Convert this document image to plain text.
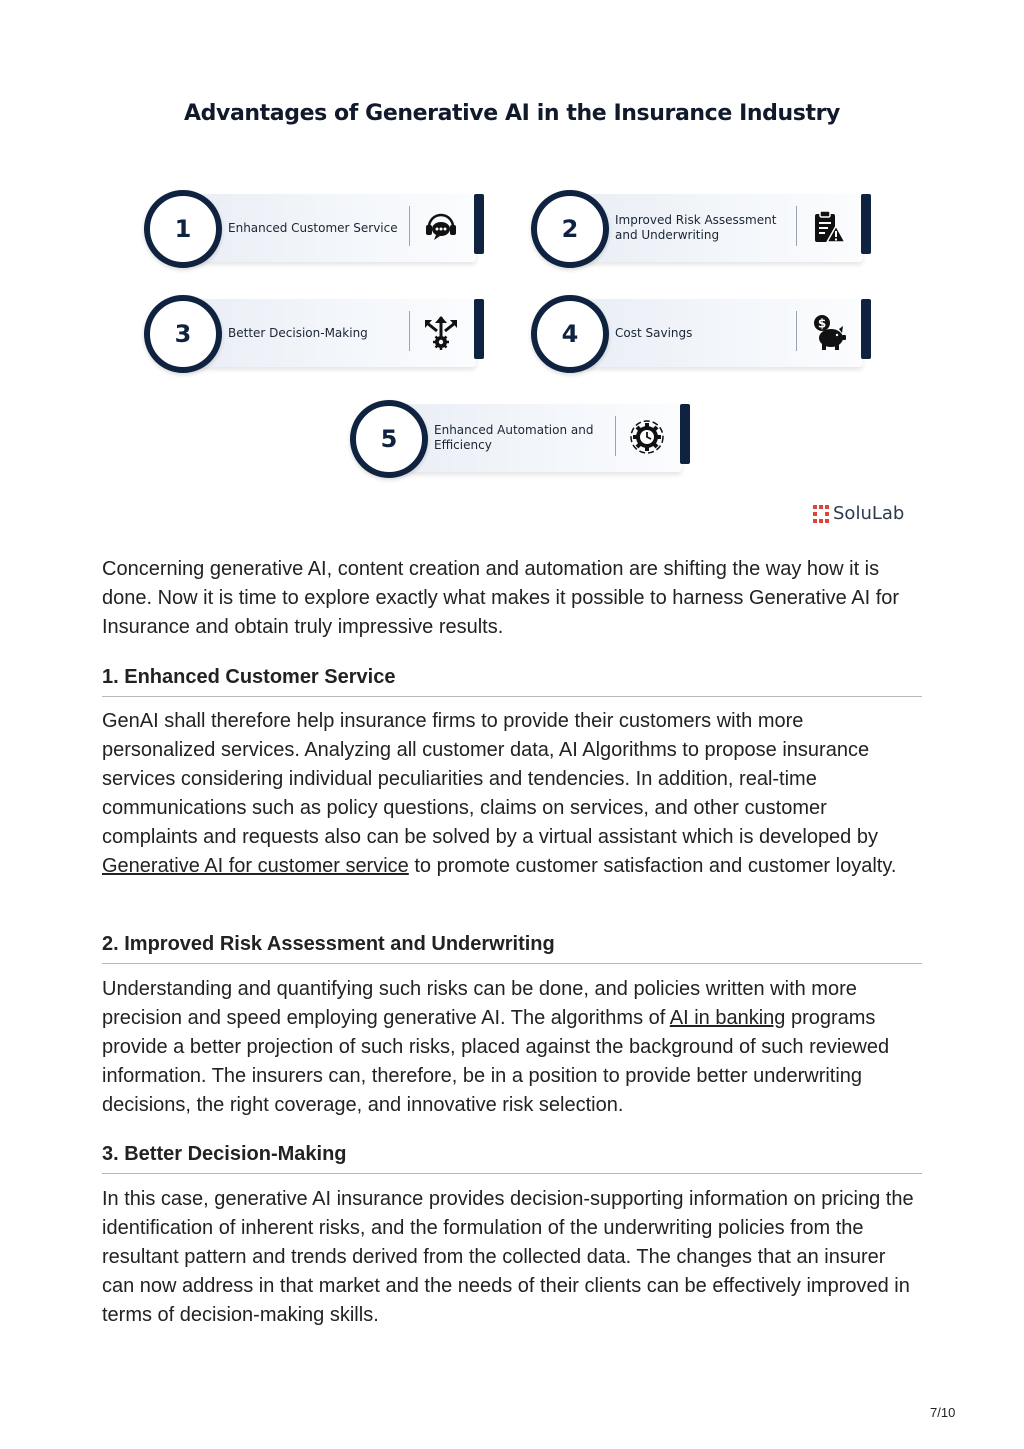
Advantages of Generative AI in the Insurance Industry
1	Enhanced Customer Service	2	Improved Risk Assessment and Underwriting
3	Better Decision-Making	4	Cost Savings
$
5	Enhanced Automation and Efficiency
SoluLab

Concerning generative AI, content creation and automation are shifting the way how it is done. Now it is time to explore exactly what makes it possible to harness Generative AI for Insurance and obtain truly impressive results.

1. Enhanced Customer Service

GenAI shall therefore help insurance firms to provide their customers with more personalized services. Analyzing all customer data, AI Algorithms to propose insurance services considering individual peculiarities and tendencies. In addition, real-time communications such as policy questions, claims on services, and other customer complaints and requests also can be solved by a virtual assistant which is developed by Generative AI for customer service to promote customer satisfaction and customer loyalty.

2. Improved Risk Assessment and Underwriting

Understanding and quantifying such risks can be done, and policies written with more precision and speed employing generative AI. The algorithms of AI in banking programs provide a better projection of such risks, placed against the background of such reviewed information. The insurers can, therefore, be in a position to provide better underwriting decisions, the right coverage, and innovative risk selection.

3. Better Decision-Making

In this case, generative AI insurance provides decision-supporting information on pricing the identification of inherent risks, and the formulation of the underwriting policies from the resultant pattern and trends derived from the collected data. The changes that an insurer can now address in that market and the needs of their clients can be effectively improved in terms of decision-making skills.

7/10
